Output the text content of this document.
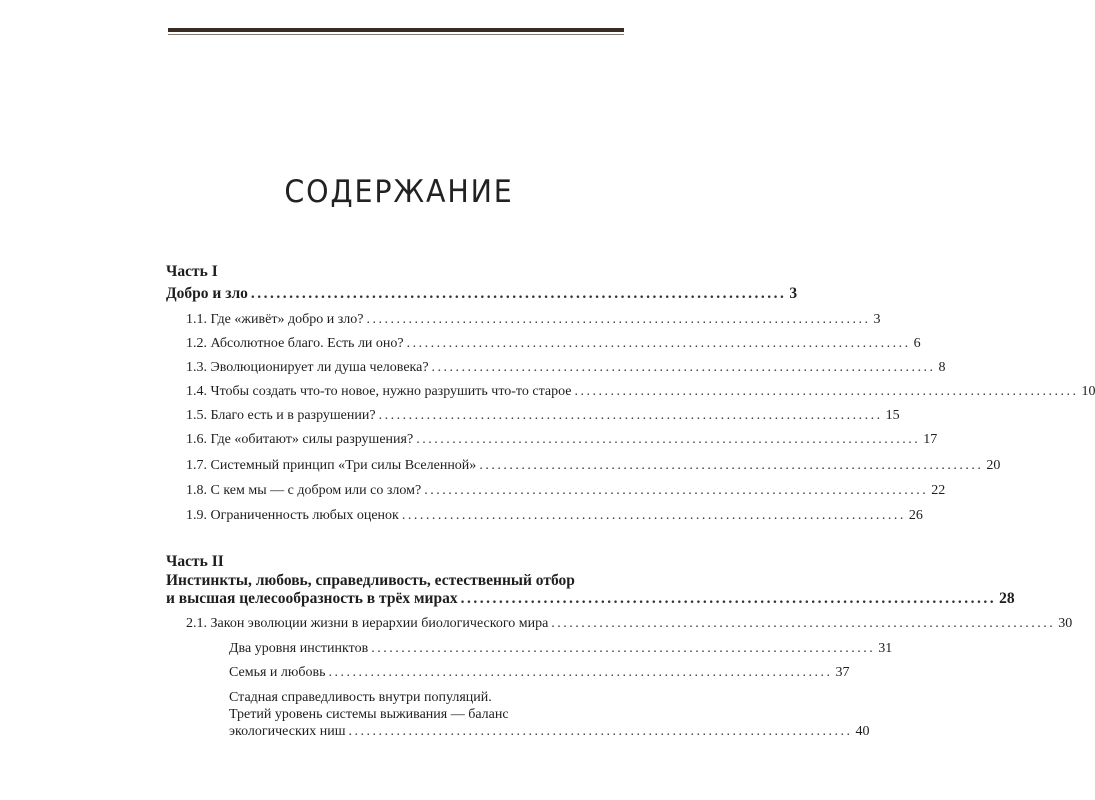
СОДЕРЖАНИЕ
Часть I
Добро и зло .................................................................................... 3
1.1. Где «живёт» добро и зло? .................................................................................... 3
1.2. Абсолютное благо. Есть ли оно? .................................................................................... 6
1.3. Эволюционирует ли душа человека? .................................................................................... 8
1.4. Чтобы создать что-то новое, нужно разрушить что-то старое .................................................................................... 10
1.5. Благо есть и в разрушении? .................................................................................... 15
1.6. Где «обитают» силы разрушения? .................................................................................... 17
1.7. Системный принцип «Три силы Вселенной» .................................................................................... 20
1.8. С кем мы — с добром или со злом? .................................................................................... 22
1.9. Ограниченность любых оценок .................................................................................... 26
Часть II
Инстинкты, любовь, справедливость, естественный отбор
и высшая целесообразность в трёх мирах .................................................................................... 28
2.1. Закон эволюции жизни в иерархии биологического мира .................................................................................... 30
Два уровня инстинктов .................................................................................... 31
Семья и любовь .................................................................................... 37
Стадная справедливость внутри популяций.
Третий уровень системы выживания — баланс
экологических ниш .................................................................................... 40
